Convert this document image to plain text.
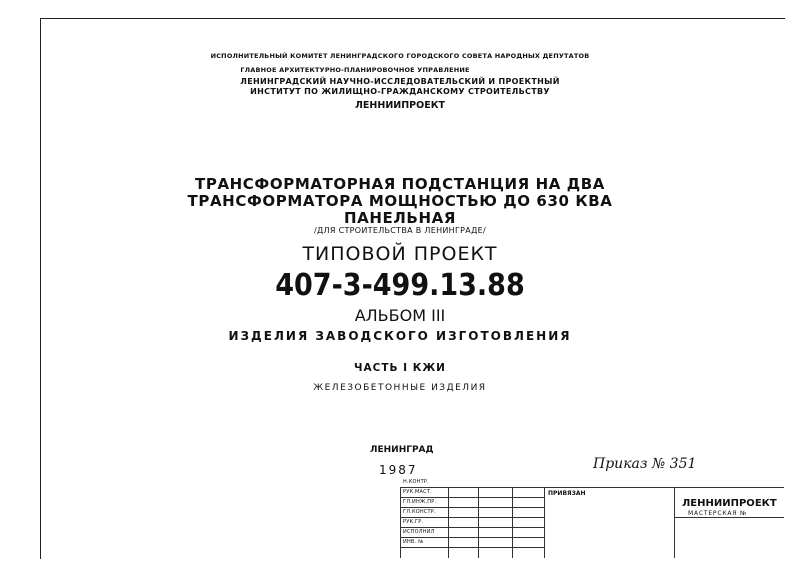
ИСПОЛНИТЕЛЬНЫЙ КОМИТЕТ ЛЕНИНГРАДСКОГО ГОРОДСКОГО СОВЕТА НАРОДНЫХ ДЕПУТАТОВ
ГЛАВНОЕ АРХИТЕКТУРНО-ПЛАНИРОВОЧНОЕ УПРАВЛЕНИЕ
ЛЕНИНГРАДСКИЙ НАУЧНО-ИССЛЕДОВАТЕЛЬСКИЙ И ПРОЕКТНЫЙ
ИНСТИТУТ ПО ЖИЛИЩНО-ГРАЖДАНСКОМУ СТРОИТЕЛЬСТВУ
ЛЕННИИПРОЕКТ
ТРАНСФОРМАТОРНАЯ ПОДСТАНЦИЯ НА ДВА
ТРАНСФОРМАТОРА МОЩНОСТЬЮ ДО 630 КВА
ПАНЕЛЬНАЯ
/ДЛЯ СТРОИТЕЛЬСТВА В ЛЕНИНГРАДЕ/
ТИПОВОЙ ПРОЕКТ
407-3-499.13.88
АЛЬБОМ III
ИЗДЕЛИЯ ЗАВОДСКОГО ИЗГОТОВЛЕНИЯ
ЧАСТЬ I КЖИ
ЖЕЛЕЗОБЕТОННЫЕ ИЗДЕЛИЯ
ЛЕНИНГРАД
1987	Приказ № 351
Н.КОНТР.
РУК.МАСТ.
ГЛ.ИНЖ.ПР.
ГЛ.КОНСТР.
РУК.ГР.
ИСПОЛНИЛ
ИНВ. №
ПРИВЯЗАН
ЛЕННИИПРОЕКТ
МАСТЕРСКАЯ №
